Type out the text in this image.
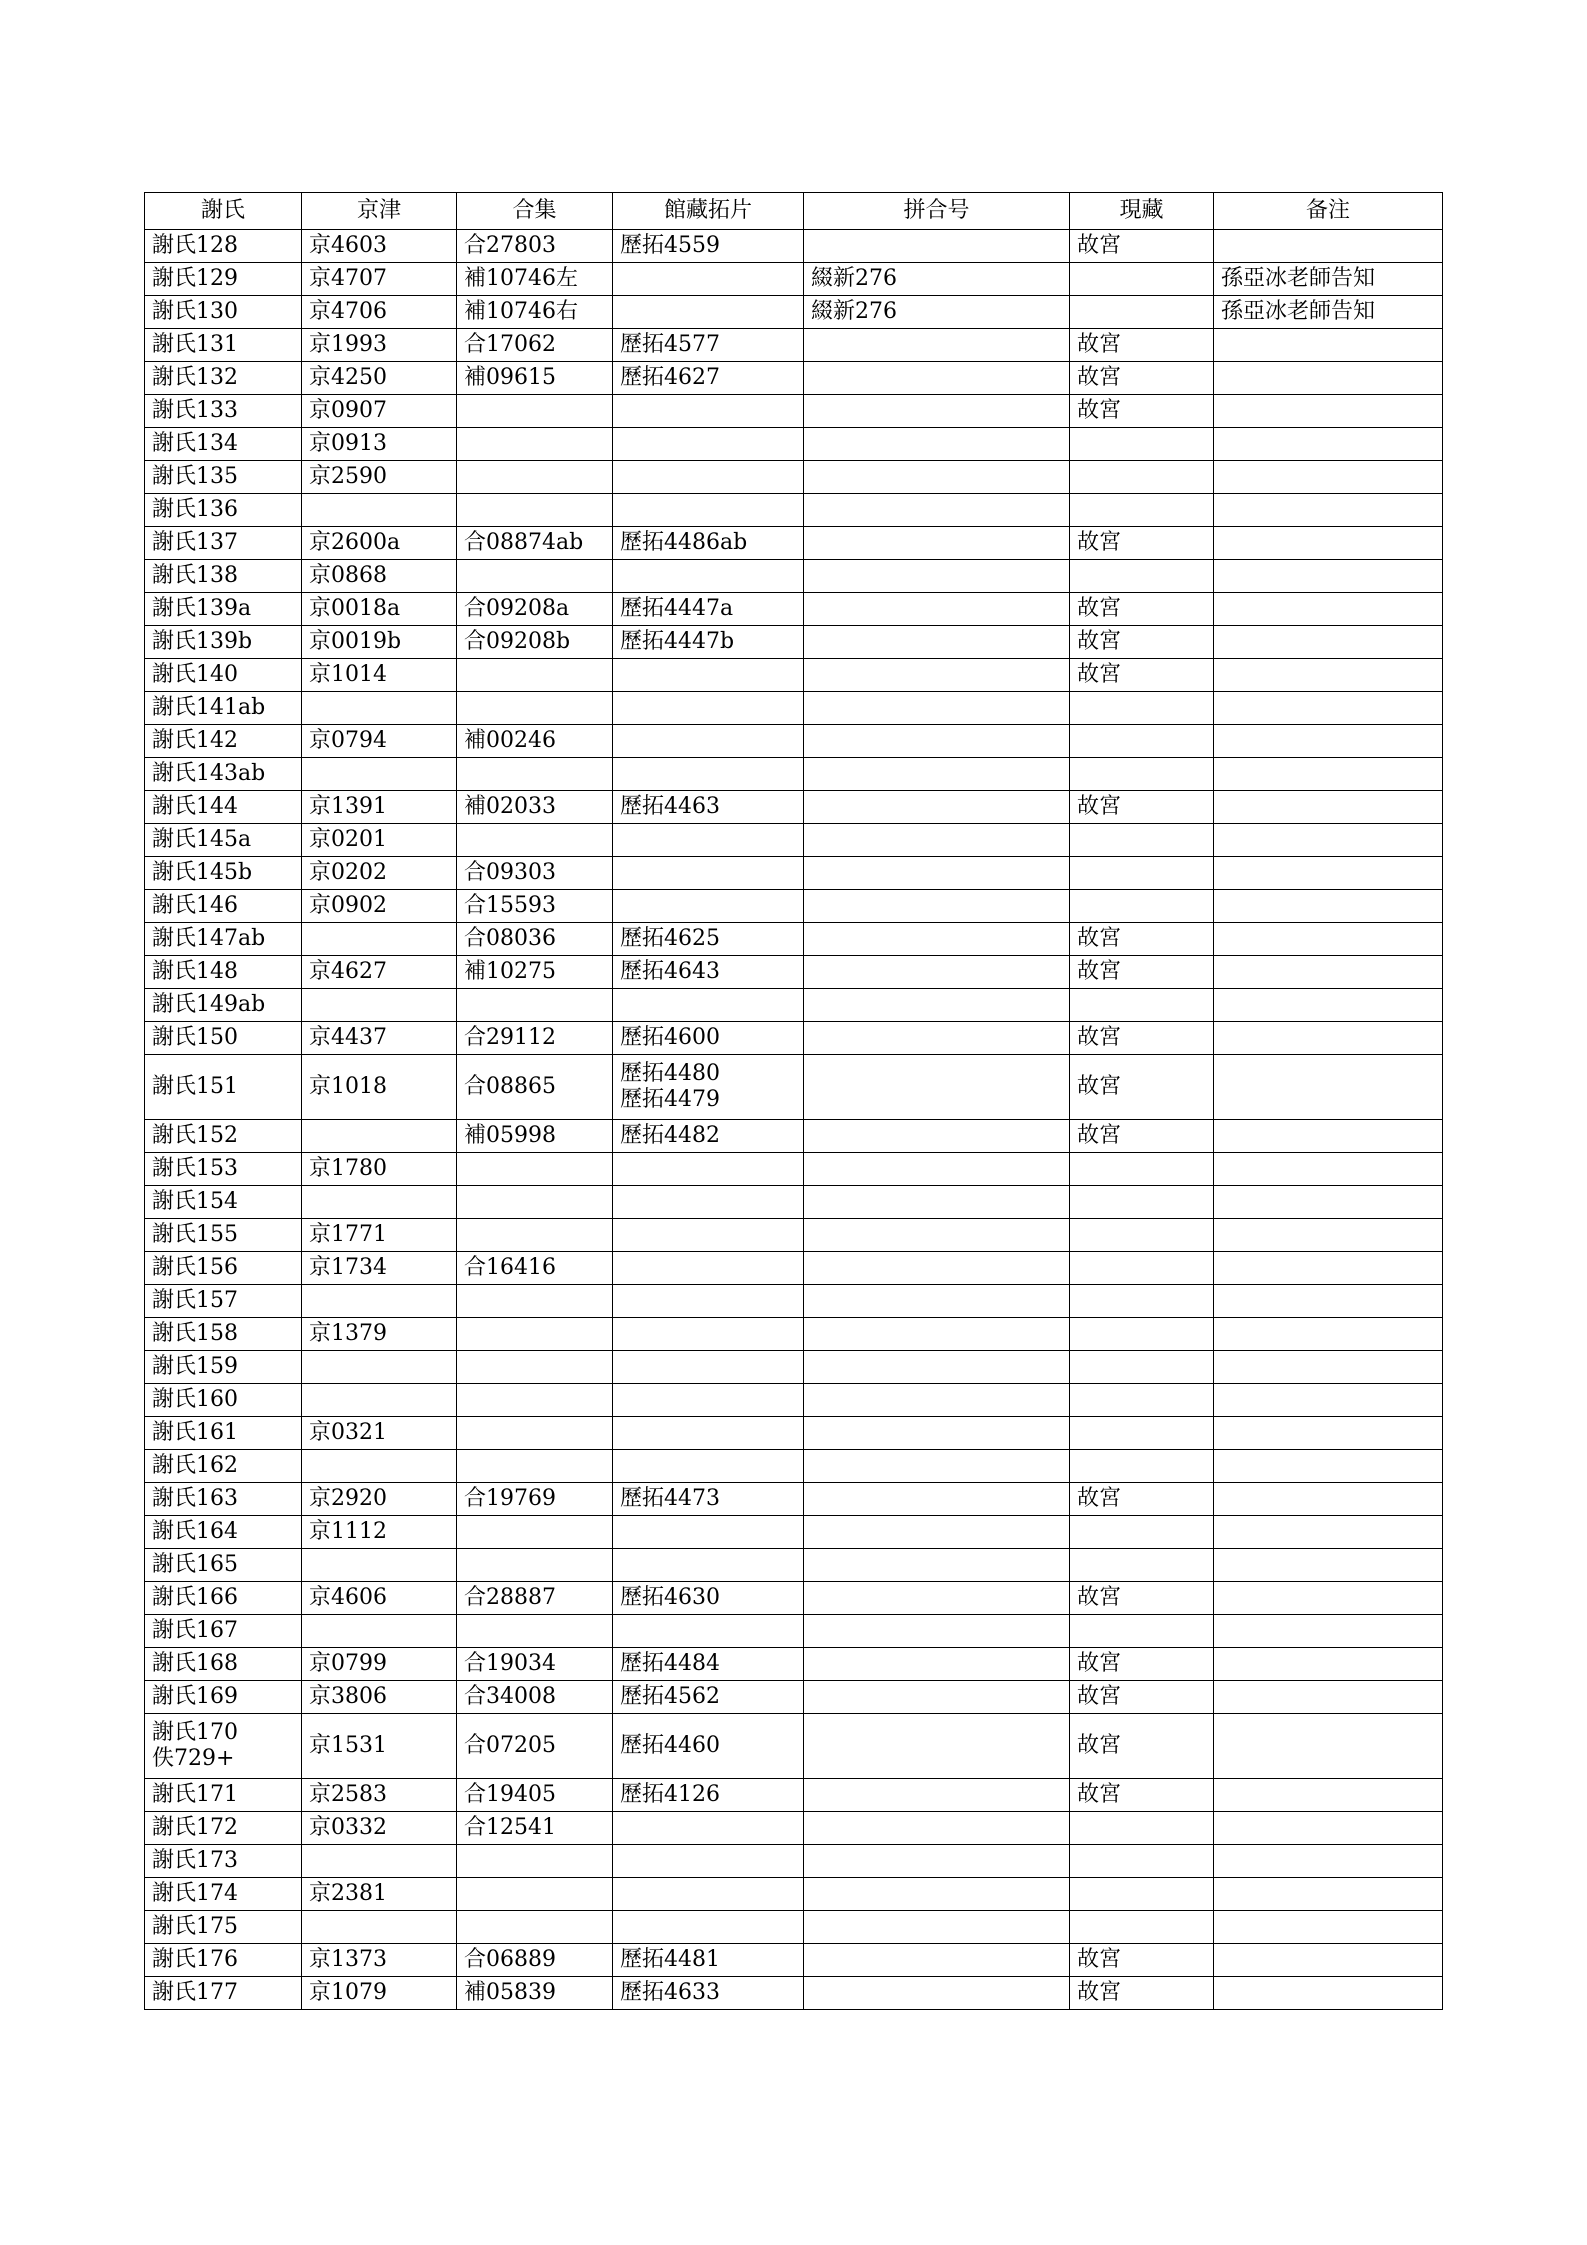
謝氏	京津	合集	館藏拓片	拼合号	現藏	备注

謝氏128	京4603	合27803	歷拓4559		故宮	

謝氏129	京4707	補10746左		綴新276		孫亞冰老師告知

謝氏130	京4706	補10746右		綴新276		孫亞冰老師告知

謝氏131	京1993	合17062	歷拓4577		故宮	

謝氏132	京4250	補09615	歷拓4627		故宮	

謝氏133	京0907				故宮	

謝氏134	京0913					

謝氏135	京2590					

謝氏136						

謝氏137	京2600a	合08874ab	歷拓4486ab		故宮	

謝氏138	京0868					

謝氏139a	京0018a	合09208a	歷拓4447a		故宮	

謝氏139b	京0019b	合09208b	歷拓4447b		故宮	

謝氏140	京1014				故宮	

謝氏141ab						

謝氏142	京0794	補00246				

謝氏143ab						

謝氏144	京1391	補02033	歷拓4463		故宮	

謝氏145a	京0201					

謝氏145b	京0202	合09303				

謝氏146	京0902	合15593				

謝氏147ab		合08036	歷拓4625		故宮	

謝氏148	京4627	補10275	歷拓4643		故宮	

謝氏149ab						

謝氏150	京4437	合29112	歷拓4600		故宮	

謝氏151	京1018	合08865	歷拓4480
歷拓4479		故宮	

謝氏152		補05998	歷拓4482		故宮	

謝氏153	京1780					

謝氏154						

謝氏155	京1771					

謝氏156	京1734	合16416				

謝氏157						

謝氏158	京1379					

謝氏159						

謝氏160						

謝氏161	京0321					

謝氏162						

謝氏163	京2920	合19769	歷拓4473		故宮	

謝氏164	京1112					

謝氏165						

謝氏166	京4606	合28887	歷拓4630		故宮	

謝氏167						

謝氏168	京0799	合19034	歷拓4484		故宮	

謝氏169	京3806	合34008	歷拓4562		故宮	

謝氏170
佚729+	京1531	合07205	歷拓4460		故宮	

謝氏171	京2583	合19405	歷拓4126		故宮	

謝氏172	京0332	合12541				

謝氏173						

謝氏174	京2381					

謝氏175						

謝氏176	京1373	合06889	歷拓4481		故宮	

謝氏177	京1079	補05839	歷拓4633		故宮	
